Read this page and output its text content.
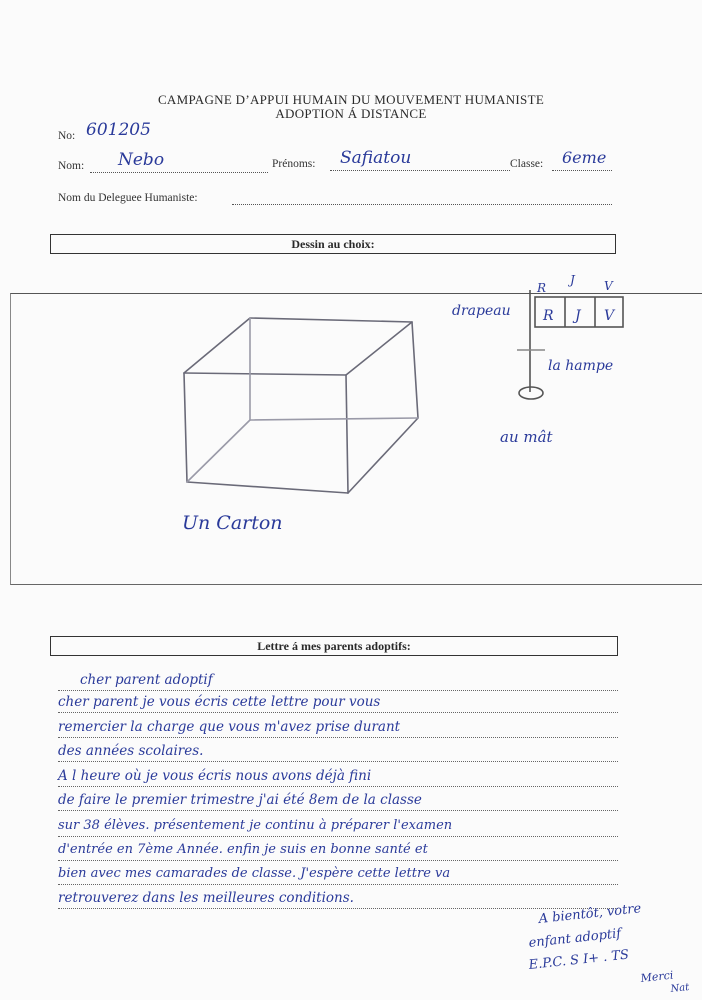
CAMPAGNE D’APPUI HUMAIN DU MOUVEMENT HUMANISTE
ADOPTION Á DISTANCE
No: 601205
Nom: Nebo	Prénoms: Safiatou	Classe: 6eme
Nom du Deleguee Humaniste:
Dessin au choix:
R J V
R
J V
Un Carton
drapeau
la hampe
au mât
Lettre á mes parents adoptifs:
cher parent adoptif
cher parent je vous écris cette lettre pour vous
remercier la charge que vous m'avez prise durant
des années scolaires.
A l heure où je vous écris nous avons déjà fini
de faire le premier trimestre j'ai été 8em de la classe
sur 38 élèves. présentement je continu à préparer l'examen
d'entrée en 7ème Année. enfin je suis en bonne santé et
bien avec mes camarades de classe. J'espère cette lettre va
retrouverez dans les meilleures conditions.
A bientôt, votre
enfant adoptif
E.P.C. S I+ . TS
Merci
Nat
